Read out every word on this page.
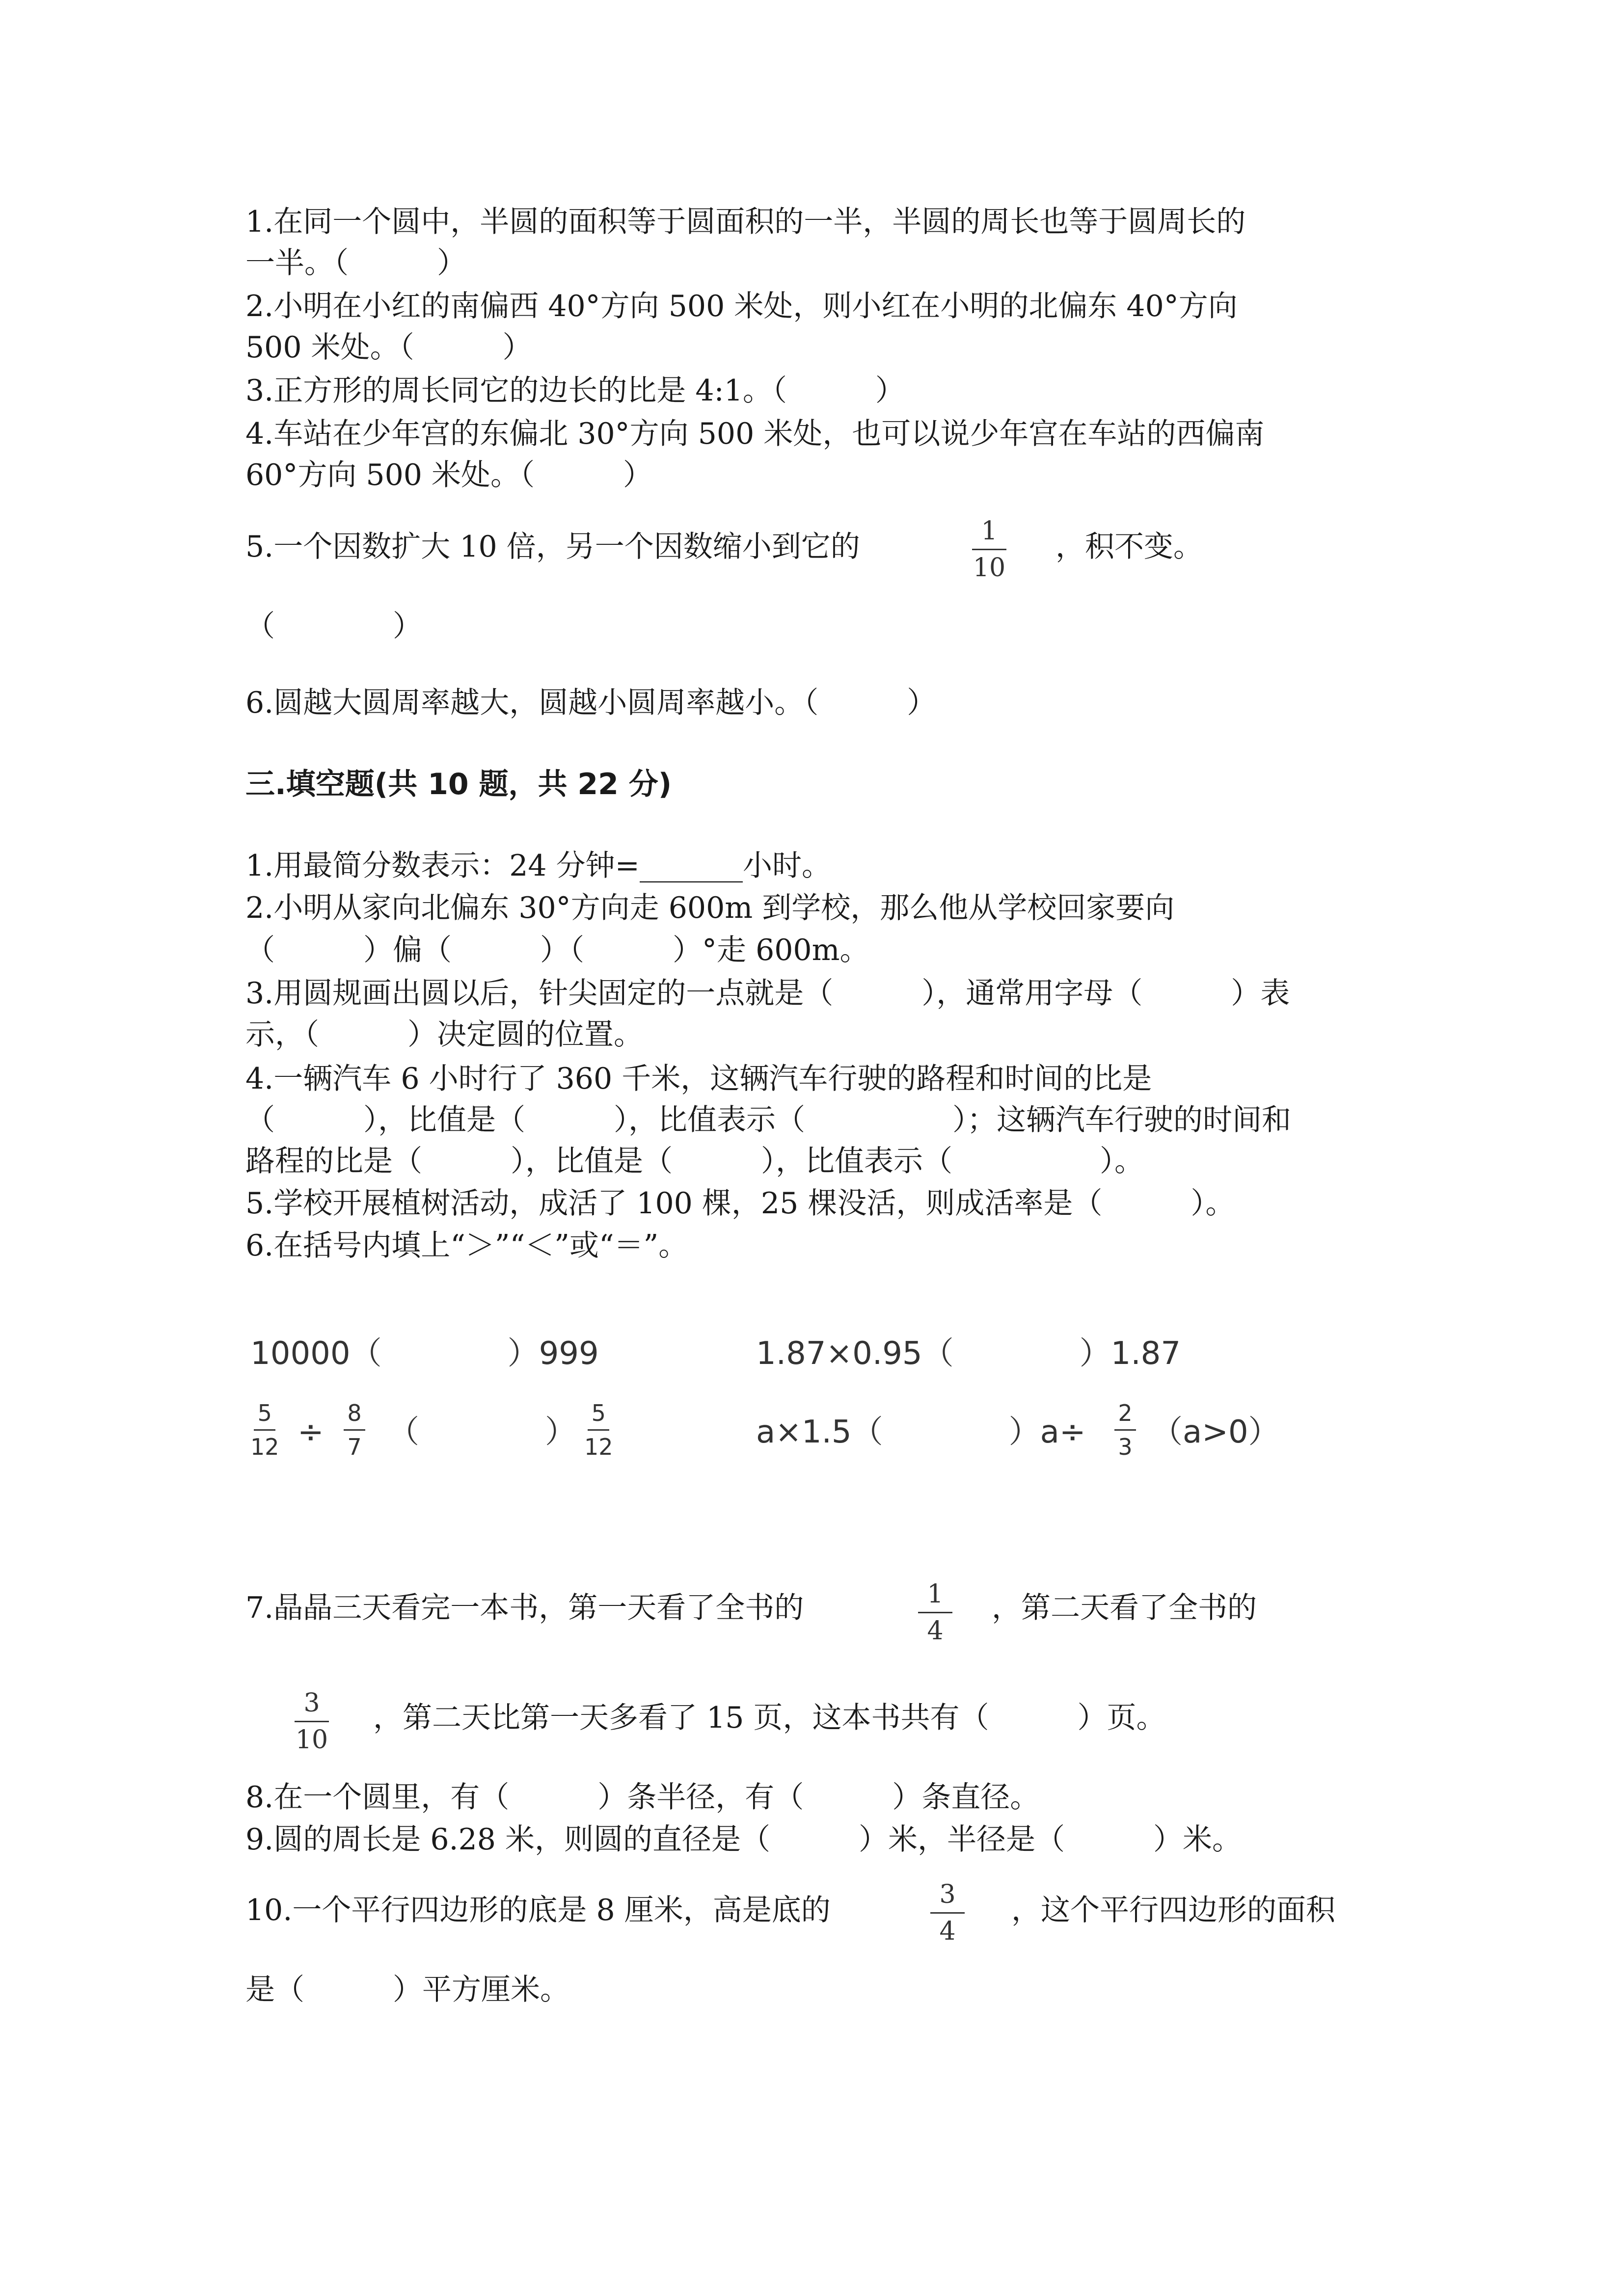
1.在同一个圆中，半圆的面积等于圆面积的一半，半圆的周长也等于圆周长的
一半。（　　　）
2.小明在小红的南偏西 40°方向 500 米处，则小红在小明的北偏东 40°方向
500 米处。（　　　）
3.正方形的周长同它的边长的比是 4:1。（　　　）
4.车站在少年宫的东偏北 30°方向 500 米处，也可以说少年宫在车站的西偏南
60°方向 500 米处。（　　　）
5.一个因数扩大 10 倍，另一个因数缩小到它的	1
10
，积不变。
（　　　　）
6.圆越大圆周率越大，圆越小圆周率越小。（　　　）
三.填空题(共 10 题，共 22 分)
1.用最简分数表示：24 分钟=_______小时。
2.小明从家向北偏东 30°方向走 600m 到学校，那么他从学校回家要向
（　　　）偏（　　　）（　　　）°走 600m。
3.用圆规画出圆以后，针尖固定的一点就是（　　　），通常用字母（　　　）表
示，（　　　）决定圆的位置。
4.一辆汽车 6 小时行了 360 千米，这辆汽车行驶的路程和时间的比是
（　　　），比值是（　　　），比值表示（　　　　　）；这辆汽车行驶的时间和
路程的比是（　　　），比值是（　　　），比值表示（　　　　　）。
5.学校开展植树活动，成活了 100 棵，25 棵没活，则成活率是（　　　）。
6.在括号内填上“＞”“＜”或“＝”。
10000（　　　　）999	1.87×0.95（　　　　）1.87
5
12 ÷
8
7 （　　　　）
5
12	a×1.5（　　　　）a÷
2
3 （a>0）
7.晶晶三天看完一本书，第一天看了全书的	1
4
，第二天看了全书的
3
10
，第二天比第一天多看了 15 页，这本书共有（　　　）页。
8.在一个圆里，有（　　　）条半径，有（　　　）条直径。
9.圆的周长是 6.28 米，则圆的直径是（　　　）米，半径是（　　　）米。
10.一个平行四边形的底是 8 厘米，高是底的	3
4
，这个平行四边形的面积
是（　　　）平方厘米。
